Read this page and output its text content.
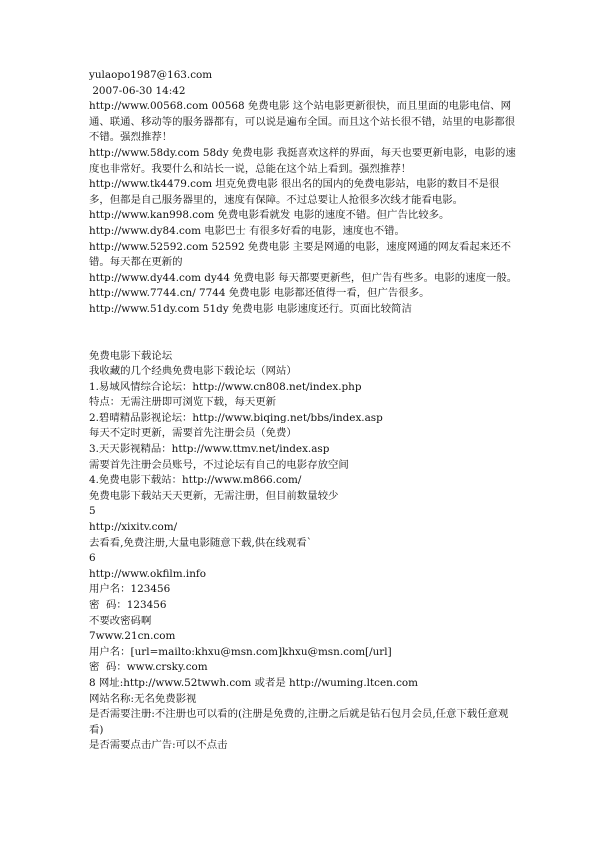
yulaopo1987@163.com

2007-06-30 14:42

http://www.00568.com 00568 免费电影 这个站电影更新很快，而且里面的电影电信、网通、联通、移动等的服务器都有，可以说是遍布全国。而且这个站长很不错，站里的电影都很不错。强烈推荐！

http://www.58dy.com 58dy 免费电影 我挺喜欢这样的界面，每天也要更新电影，电影的速度也非常好。我要什么和站长一说，总能在这个站上看到。强烈推荐！

http://www.tk4479.com 坦克免费电影 很出名的国内的免费电影站，电影的数目不是很多，但都是自己服务器里的，速度有保障。不过总要让人抢很多次线才能看电影。

http://www.kan998.com 免费电影看就发 电影的速度不错。但广告比较多。

http://www.dy84.com 电影巴士 有很多好看的电影，速度也不错。

http://www.52592.com 52592 免费电影 主要是网通的电影，速度网通的网友看起来还不错。每天都在更新的

http://www.dy44.com dy44 免费电影 每天都要更新些，但广告有些多。电影的速度一般。

http://www.7744.cn/ 7744 免费电影 电影都还值得一看，但广告很多。

http://www.51dy.com 51dy 免费电影 电影速度还行。页面比较简洁

免费电影下载论坛

我收藏的几个经典免费电影下载论坛（网站）

1.易域风情综合论坛：http://www.cn808.net/index.php

特点：无需注册即可浏览下载，每天更新

2.碧晴精品影视论坛：http://www.biqing.net/bbs/index.asp

每天不定时更新，需要首先注册会员（免费）

3.天天影视精品：http://www.ttmv.net/index.asp

需要首先注册会员账号，不过论坛有自己的电影存放空间

4.免费电影下载站：http://www.m866.com/

免费电影下载站天天更新，无需注册，但目前数量较少

5

http://xixitv.com/

去看看,免费注册,大量电影随意下载,供在线观看`

6

http://www.okfilm.info

用户名：123456

密  码：123456

不要改密码啊

7www.21cn.com

用户名：[url=mailto:khxu@msn.com]khxu@msn.com[/url]

密  码：www.crsky.com

8 网址:http://www.52twwh.com 或者是 http://wuming.ltcen.com

网站名称:无名免费影视

是否需要注册:不注册也可以看的(注册是免费的,注册之后就是钻石包月会员,任意下载任意观看)

是否需要点击广告:可以不点击
